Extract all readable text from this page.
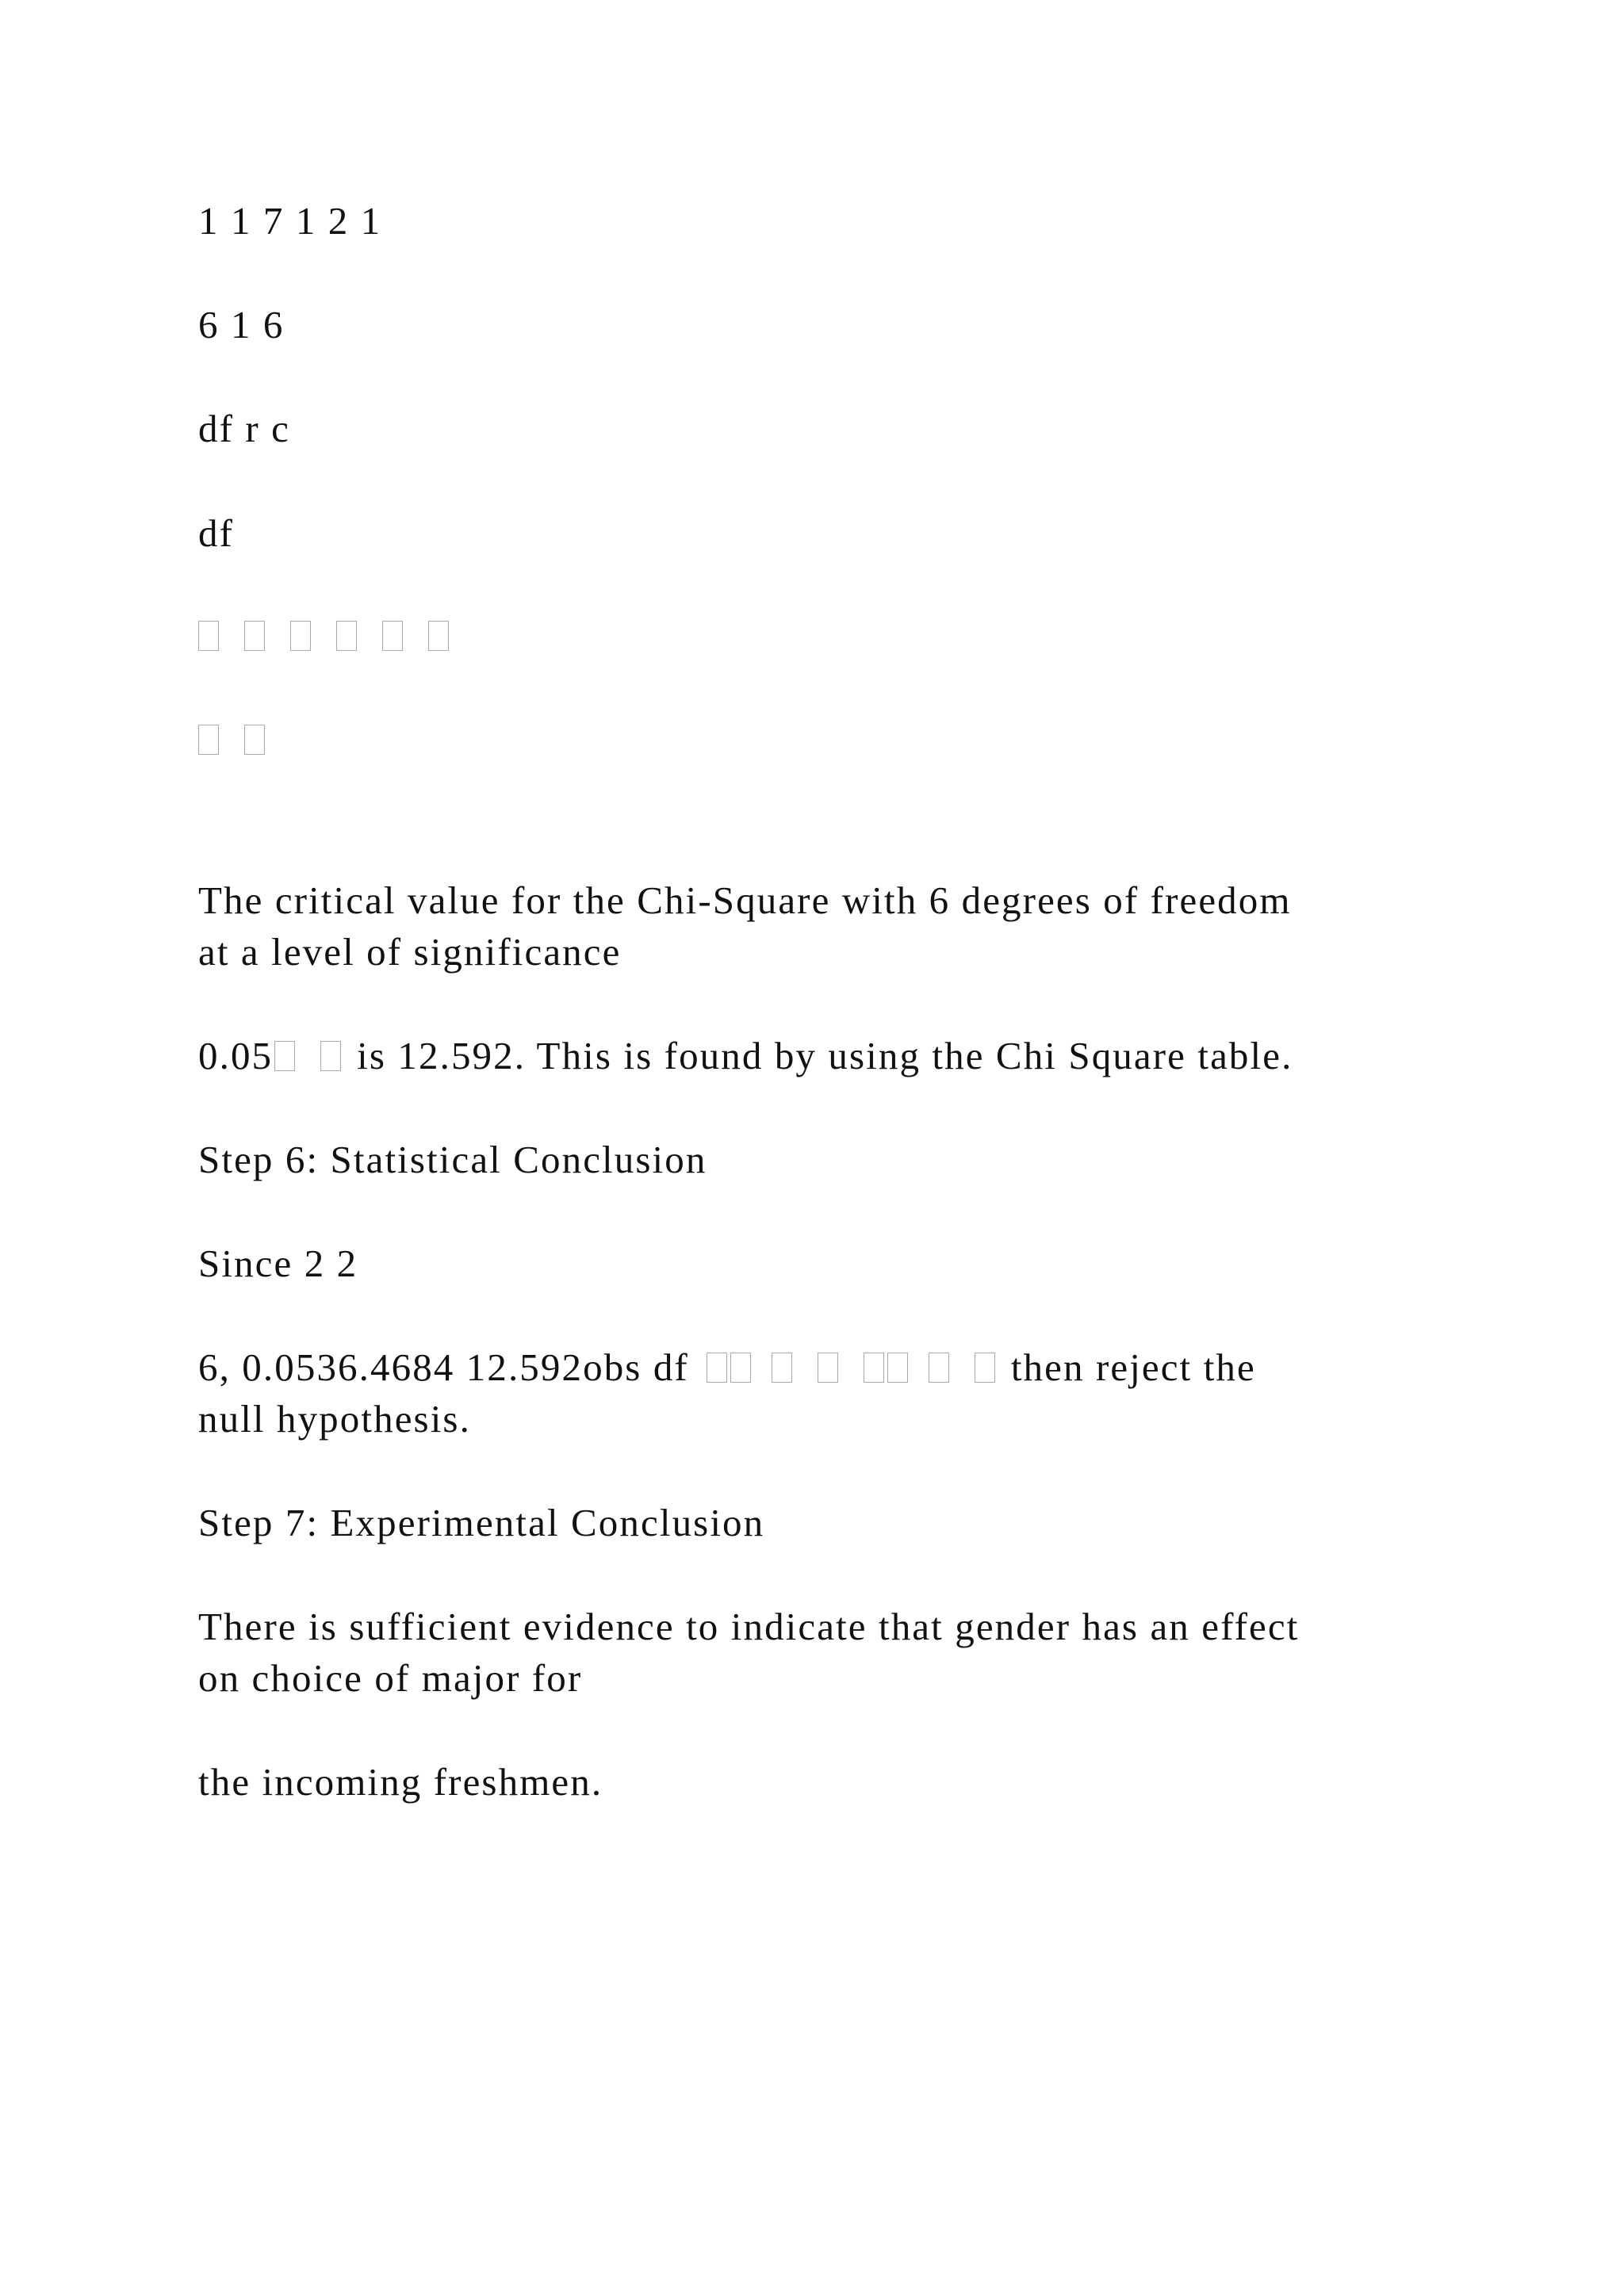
1 1 7 1 2 1

6 1 6

df r c

df

The critical value for the Chi-Square with 6 degrees of freedom

at a level of significance

0.05 is 12.592. This is found by using the Chi Square table.

Step 6: Statistical Conclusion

Since 2 2

6, 0.0536.4684 12.592obs df	then reject the

null hypothesis.

Step 7: Experimental Conclusion

There is sufficient evidence to indicate that gender has an effect

on choice of major for

the incoming freshmen.
